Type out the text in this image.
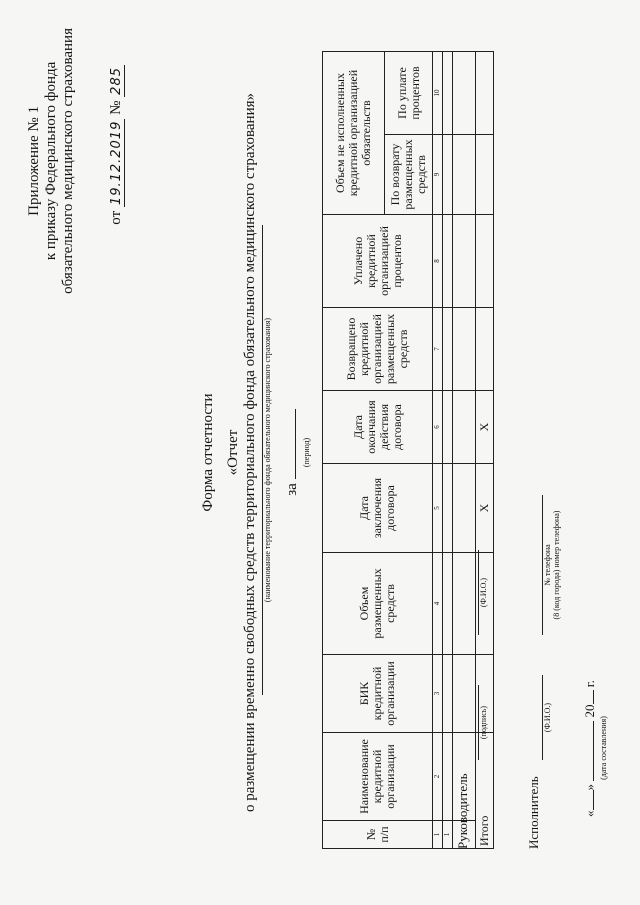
Приложение № 1 к приказу Федерального фонда обязательного медицинского страхования от 19.12.2019 № 285
Форма отчетности «Отчет о размещении временно свободных средств территориального фонда обязательного медицинского страхования» (наименование территориального фонда обязательного медицинского страхования) за
(период)
№ п/п	Наименование кредитной организации	БИК кредитной организации	Объем размещенных средств	Дата заключения договора	Дата окончания действия договора	Возвращено кредитной организацией размещенных средств	Уплачено кредитной организацией процентов	Объем не исполненных кредитной организацией обязательств	
								По возврату размещенных средств	По уплате процентов
1	2	3	4	5	6	7	8	9	10
1									

Итого				X	X				
Руководитель
(подпись)
(Ф.И.О.)
Исполнитель
(Ф.И.О.)
№ телефона (8 (код города) номер телефона)
«»  20 г.
(дата составления)
